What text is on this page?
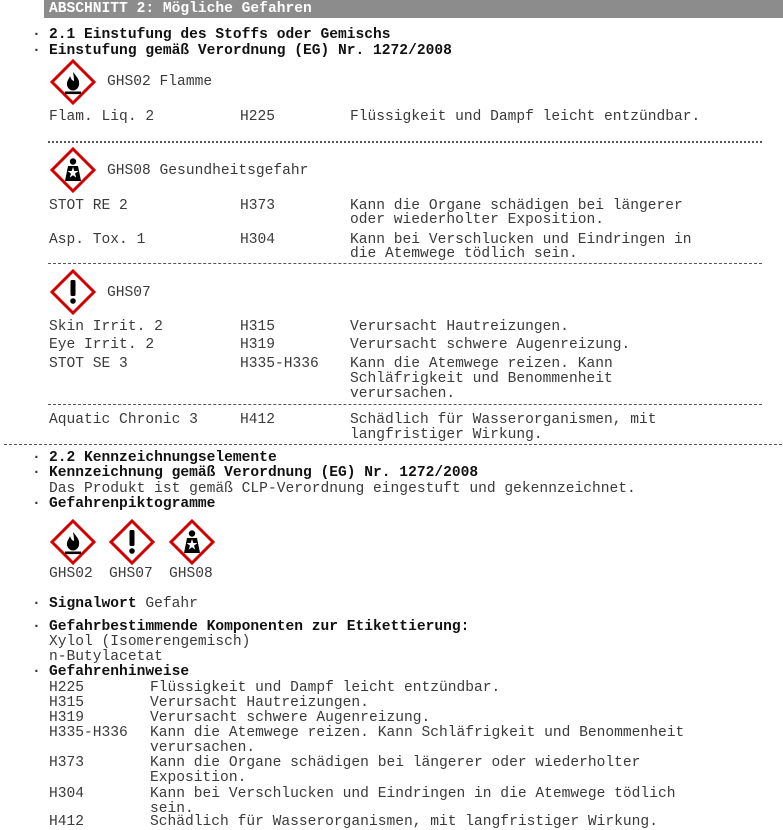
ABSCHNITT 2: Mögliche Gefahren
· 2.1 Einstufung des Stoffs oder Gemischs
· Einstufung gemäß Verordnung (EG) Nr. 1272/2008
GHS02 Flamme
Flam. Liq. 2	H225	Flüssigkeit und Dampf leicht entzündbar.
GHS08 Gesundheitsgefahr
STOT RE 2	H373	Kann die Organe schädigen bei längerer
oder wiederholter Exposition.
Asp. Tox. 1	H304	Kann bei Verschlucken und Eindringen in
die Atemwege tödlich sein.
GHS07
Skin Irrit. 2	H315	Verursacht Hautreizungen.
Eye Irrit. 2	H319	Verursacht schwere Augenreizung.
STOT SE 3	H335-H336 Kann die Atemwege reizen. Kann
Schläfrigkeit und Benommenheit
verursachen.
Aquatic Chronic 3	H412	Schädlich für Wasserorganismen, mit
langfristiger Wirkung.
· 2.2 Kennzeichnungselemente
· Kennzeichnung gemäß Verordnung (EG) Nr. 1272/2008
Das Produkt ist gemäß CLP-Verordnung eingestuft und gekennzeichnet.
· Gefahrenpiktogramme
GHS02 GHS07 GHS08
· Signalwort Gefahr
· Gefahrbestimmende Komponenten zur Etikettierung:
Xylol (Isomerengemisch)
n-Butylacetat
· Gefahrenhinweise
H225	Flüssigkeit und Dampf leicht entzündbar.
H315	Verursacht Hautreizungen.
H319	Verursacht schwere Augenreizung.
H335-H336 Kann die Atemwege reizen. Kann Schläfrigkeit und Benommenheit
verursachen.
H373	Kann die Organe schädigen bei längerer oder wiederholter
Exposition.
H304	Kann bei Verschlucken und Eindringen in die Atemwege tödlich
sein.
H412	Schädlich für Wasserorganismen, mit langfristiger Wirkung.
